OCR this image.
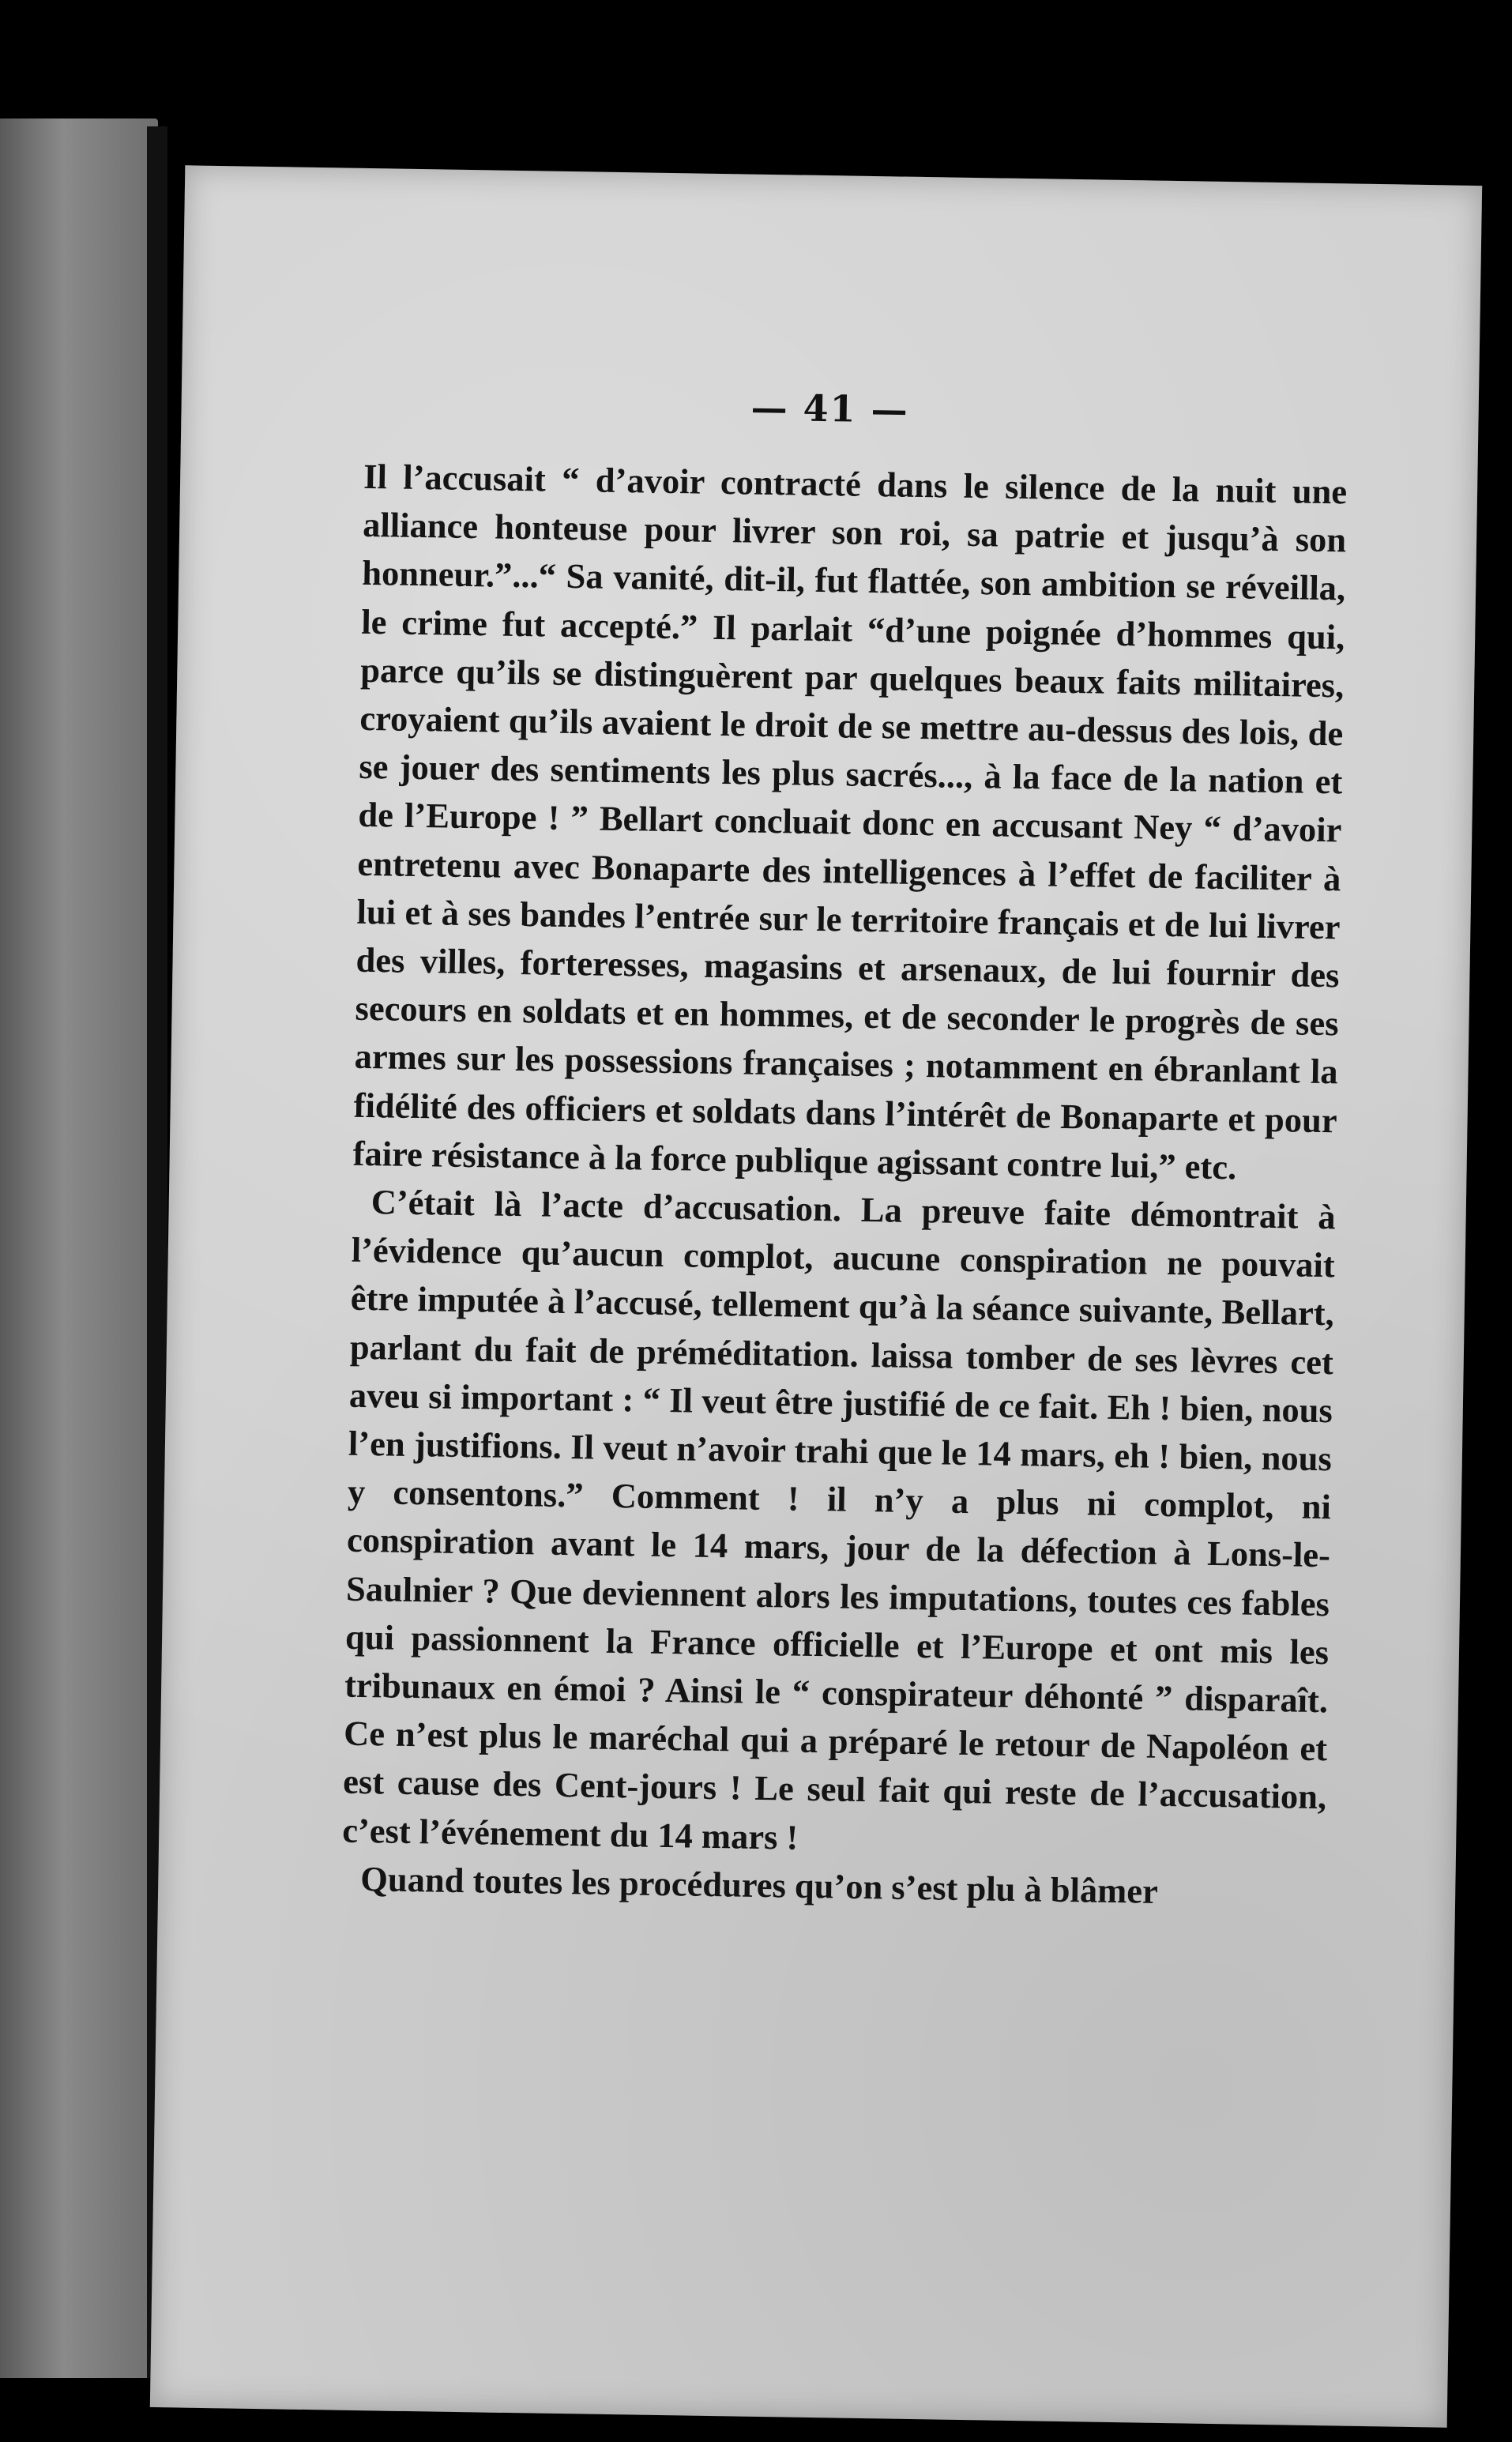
— 41 —

Il l’accusait “ d’avoir contracté dans le silence de la nuit une alliance honteuse pour livrer son roi, sa patrie et jusqu’à son honneur.”...“ Sa vanité, dit-il, fut flattée, son ambition se réveilla, le crime fut accepté.” Il parlait “d’une poignée d’hommes qui, parce qu’ils se distinguèrent par quelques beaux faits militaires, croyaient qu’ils avaient le droit de se mettre au-dessus des lois, de se jouer des sentiments les plus sacrés..., à la face de la nation et de l’Europe ! ” Bellart concluait donc en accusant Ney “ d’avoir entretenu avec Bonaparte des intelligences à l’effet de faciliter à lui et à ses bandes l’entrée sur le territoire français et de lui livrer des villes, forteresses, magasins et arsenaux, de lui fournir des secours en soldats et en hommes, et de seconder le progrès de ses armes sur les possessions françaises ; notamment en ébranlant la fidélité des officiers et soldats dans l’intérêt de Bonaparte et pour faire résistance à la force publique agissant contre lui,” etc.

C’était là l’acte d’accusation. La preuve faite démontrait à l’évidence qu’aucun complot, aucune conspiration ne pouvait être imputée à l’accusé, tellement qu’à la séance suivante, Bellart, parlant du fait de préméditation. laissa tomber de ses lèvres cet aveu si important : “ Il veut être justifié de ce fait. Eh ! bien, nous l’en justifions. Il veut n’avoir trahi que le 14 mars, eh ! bien, nous y consentons.” Comment ! il n’y a plus ni complot, ni conspiration avant le 14 mars, jour de la défection à Lons-le-Saulnier ? Que deviennent alors les imputations, toutes ces fables qui passionnent la France officielle et l’Europe et ont mis les tribunaux en émoi ? Ainsi le “ conspirateur déhonté ” disparaît. Ce n’est plus le maréchal qui a préparé le retour de Napoléon et est cause des Cent-jours ! Le seul fait qui reste de l’accusation, c’est l’événement du 14 mars !

Quand toutes les procédures qu’on s’est plu à blâmer
